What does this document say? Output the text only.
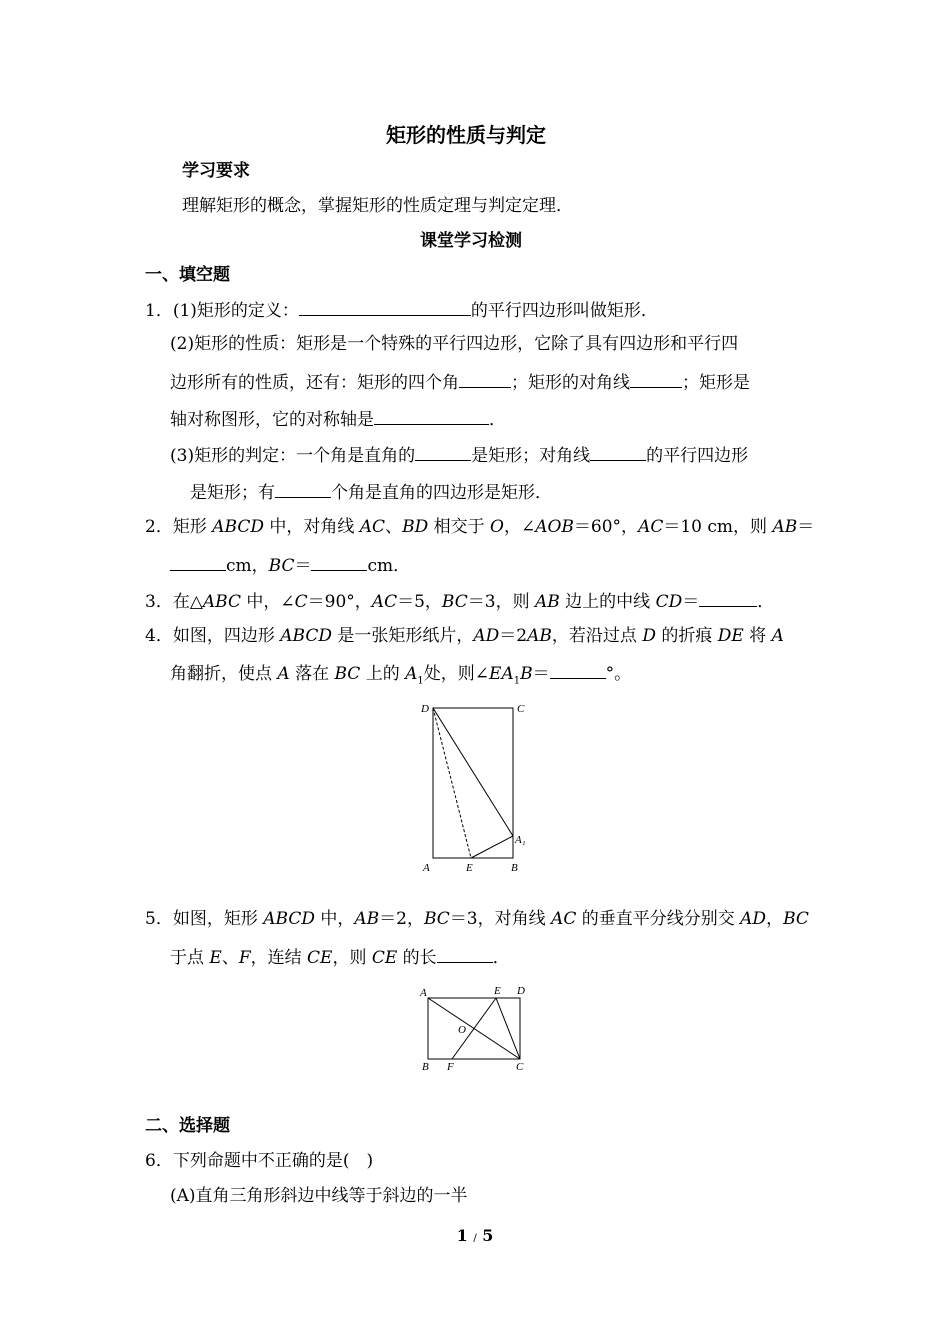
矩形的性质与判定
学习要求
理解矩形的概念，掌握矩形的性质定理与判定定理．
课堂学习检测
一、填空题
1．(1)矩形的定义：	的平行四边形叫做矩形．
(2)矩形的性质：矩形是一个特殊的平行四边形，它除了具有四边形和平行四
边形所有的性质，还有：矩形的四个角	；矩形的对角线	；矩形是
轴对称图形，它的对称轴是	．
(3)矩形的判定：一个角是直角的	是矩形；对角线	的平行四边形
是矩形；有	个角是直角的四边形是矩形．
2．矩形 ABCD 中，对角线 AC、BD 相交于 O，∠AOB＝60°，AC＝10 cm，则 AB＝
cm，BC＝	cm．
3．在△ABC 中，∠C＝90°，AC＝5，BC＝3，则 AB 边上的中线 CD＝	．
4．如图，四边形 ABCD 是一张矩形纸片，AD＝2AB，若沿过点 D 的折痕 DE 将 A
角翻折，使点 A 落在 BC 上的 $A_1$处，则$\angle EA_1B=$	°。
D	C
A	E	B
A₁
5．如图，矩形 ABCD 中，AB＝2，BC＝3，对角线 AC 的垂直平分线分别交 AD，BC
于点 E、F，连结 CE，则 CE 的长	．
A	E D
O
B F	C
二、选择题
6．下列命题中不正确的是(　)
(A)直角三角形斜边中线等于斜边的一半
1 / 5
